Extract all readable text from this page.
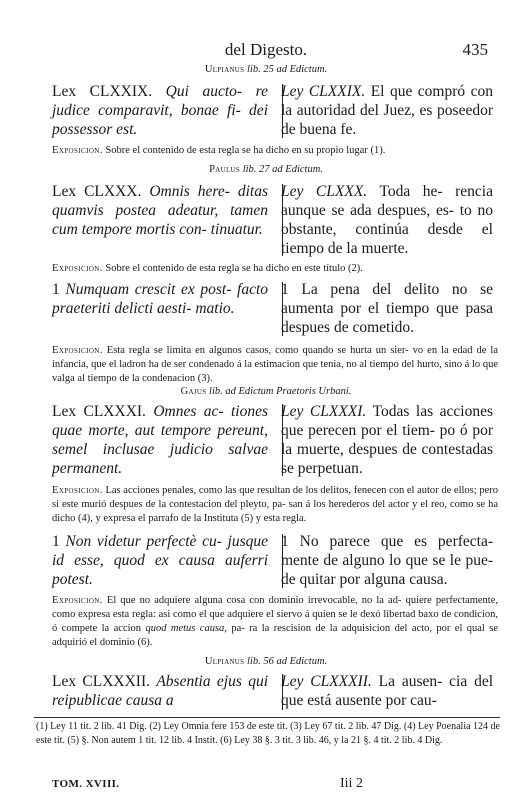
del Digesto.	435
Ulpianus lib. 25 ad Edictum.
Lex CLXXIX. Qui aucto- re judice comparavit, bonae fi- dei possessor est.
Ley CLXXIX. El que compró con la autoridad del Juez, es poseedor de buena fe.
Exposicion. Sobre el contenido de esta regla se ha dicho en su propio lugar (1).
Paulus lib. 27 ad Edictum.
Lex CLXXX. Omnis here- ditas quamvis postea adeatur, tamen cum tempore mortis con- tinuatur.
Ley CLXXX. Toda he- rencia aunque se ada despues, es- to no obstante, continúa desde el tiempo de la muerte.
Exposicion. Sobre el contenido de esta regla se ha dicho en este título (2).
1 Numquam crescit ex post- facto praeteriti delicti aesti- matio.
1 La pena del delito no se aumenta por el tiempo que pasa despues de cometido.
Exposicion. Esta regla se limita en algunos casos, como quando se hurta un sier- vo en la edad de la infancia, que el ladron ha de ser condenado á la estimacion que tenia, no al tiempo del hurto, sino á lo que valga al tiempo de la condenacion (3).
Gajus lib. ad Edictum Praetoris Urbani.
Lex CLXXXI. Omnes ac- tiones quae morte, aut tempore pereunt, semel inclusae judicio salvae permanent.
Ley CLXXXI. Todas las acciones que perecen por el tiem- po ó por la muerte, despues de contestadas se perpetuan.
Exposicion. Las acciones penales, como las que resultan de los delitos, fenecen con el autor de ellos; pero si este murió despues de la contestacion del pleyto, pa- san á los herederos del actor y el reo, como se ha dicho (4), y expresa el parrafo de la Instituta (5) y esta regla.
1 Non videtur perfectè cu- jusque id esse, quod ex causa auferri potest.
1 No parece que es perfecta- mente de alguno lo que se le pue- de quitar por alguna causa.
Exposicion. El que no adquiere alguna cosa con dominio irrevocable, no la ad- quiere perfectamente, como expresa esta regla: asi como el que adquiere el siervo á quien se le dexó libertad baxo de condicion, ó compete la accion quod metus causa, pa- ra la rescision de la adquisicion del acto, por el qual se adquirió el dominio (6).
Ulpianus lib. 56 ad Edictum.
Lex CLXXXII. Absentia ejus qui reipublicae causa a
Ley CLXXXII. La ausen- cia del que está ausente por cau-
(1) Ley 11 tit. 2 lib. 41 Dig. (2) Ley Omnia fere 153 de este tit. (3) Ley 67 tit. 2 lib. 47 Dig. (4) Ley Poenalia 124 de este tit. (5) §. Non autem 1 tit. 12 lib. 4 Instit. (6) Ley 38 §. 3 tit. 3 lib. 46, y la 21 §. 4 tit. 2 lib. 4 Dig.
TOM. XVIII.	Iii 2
